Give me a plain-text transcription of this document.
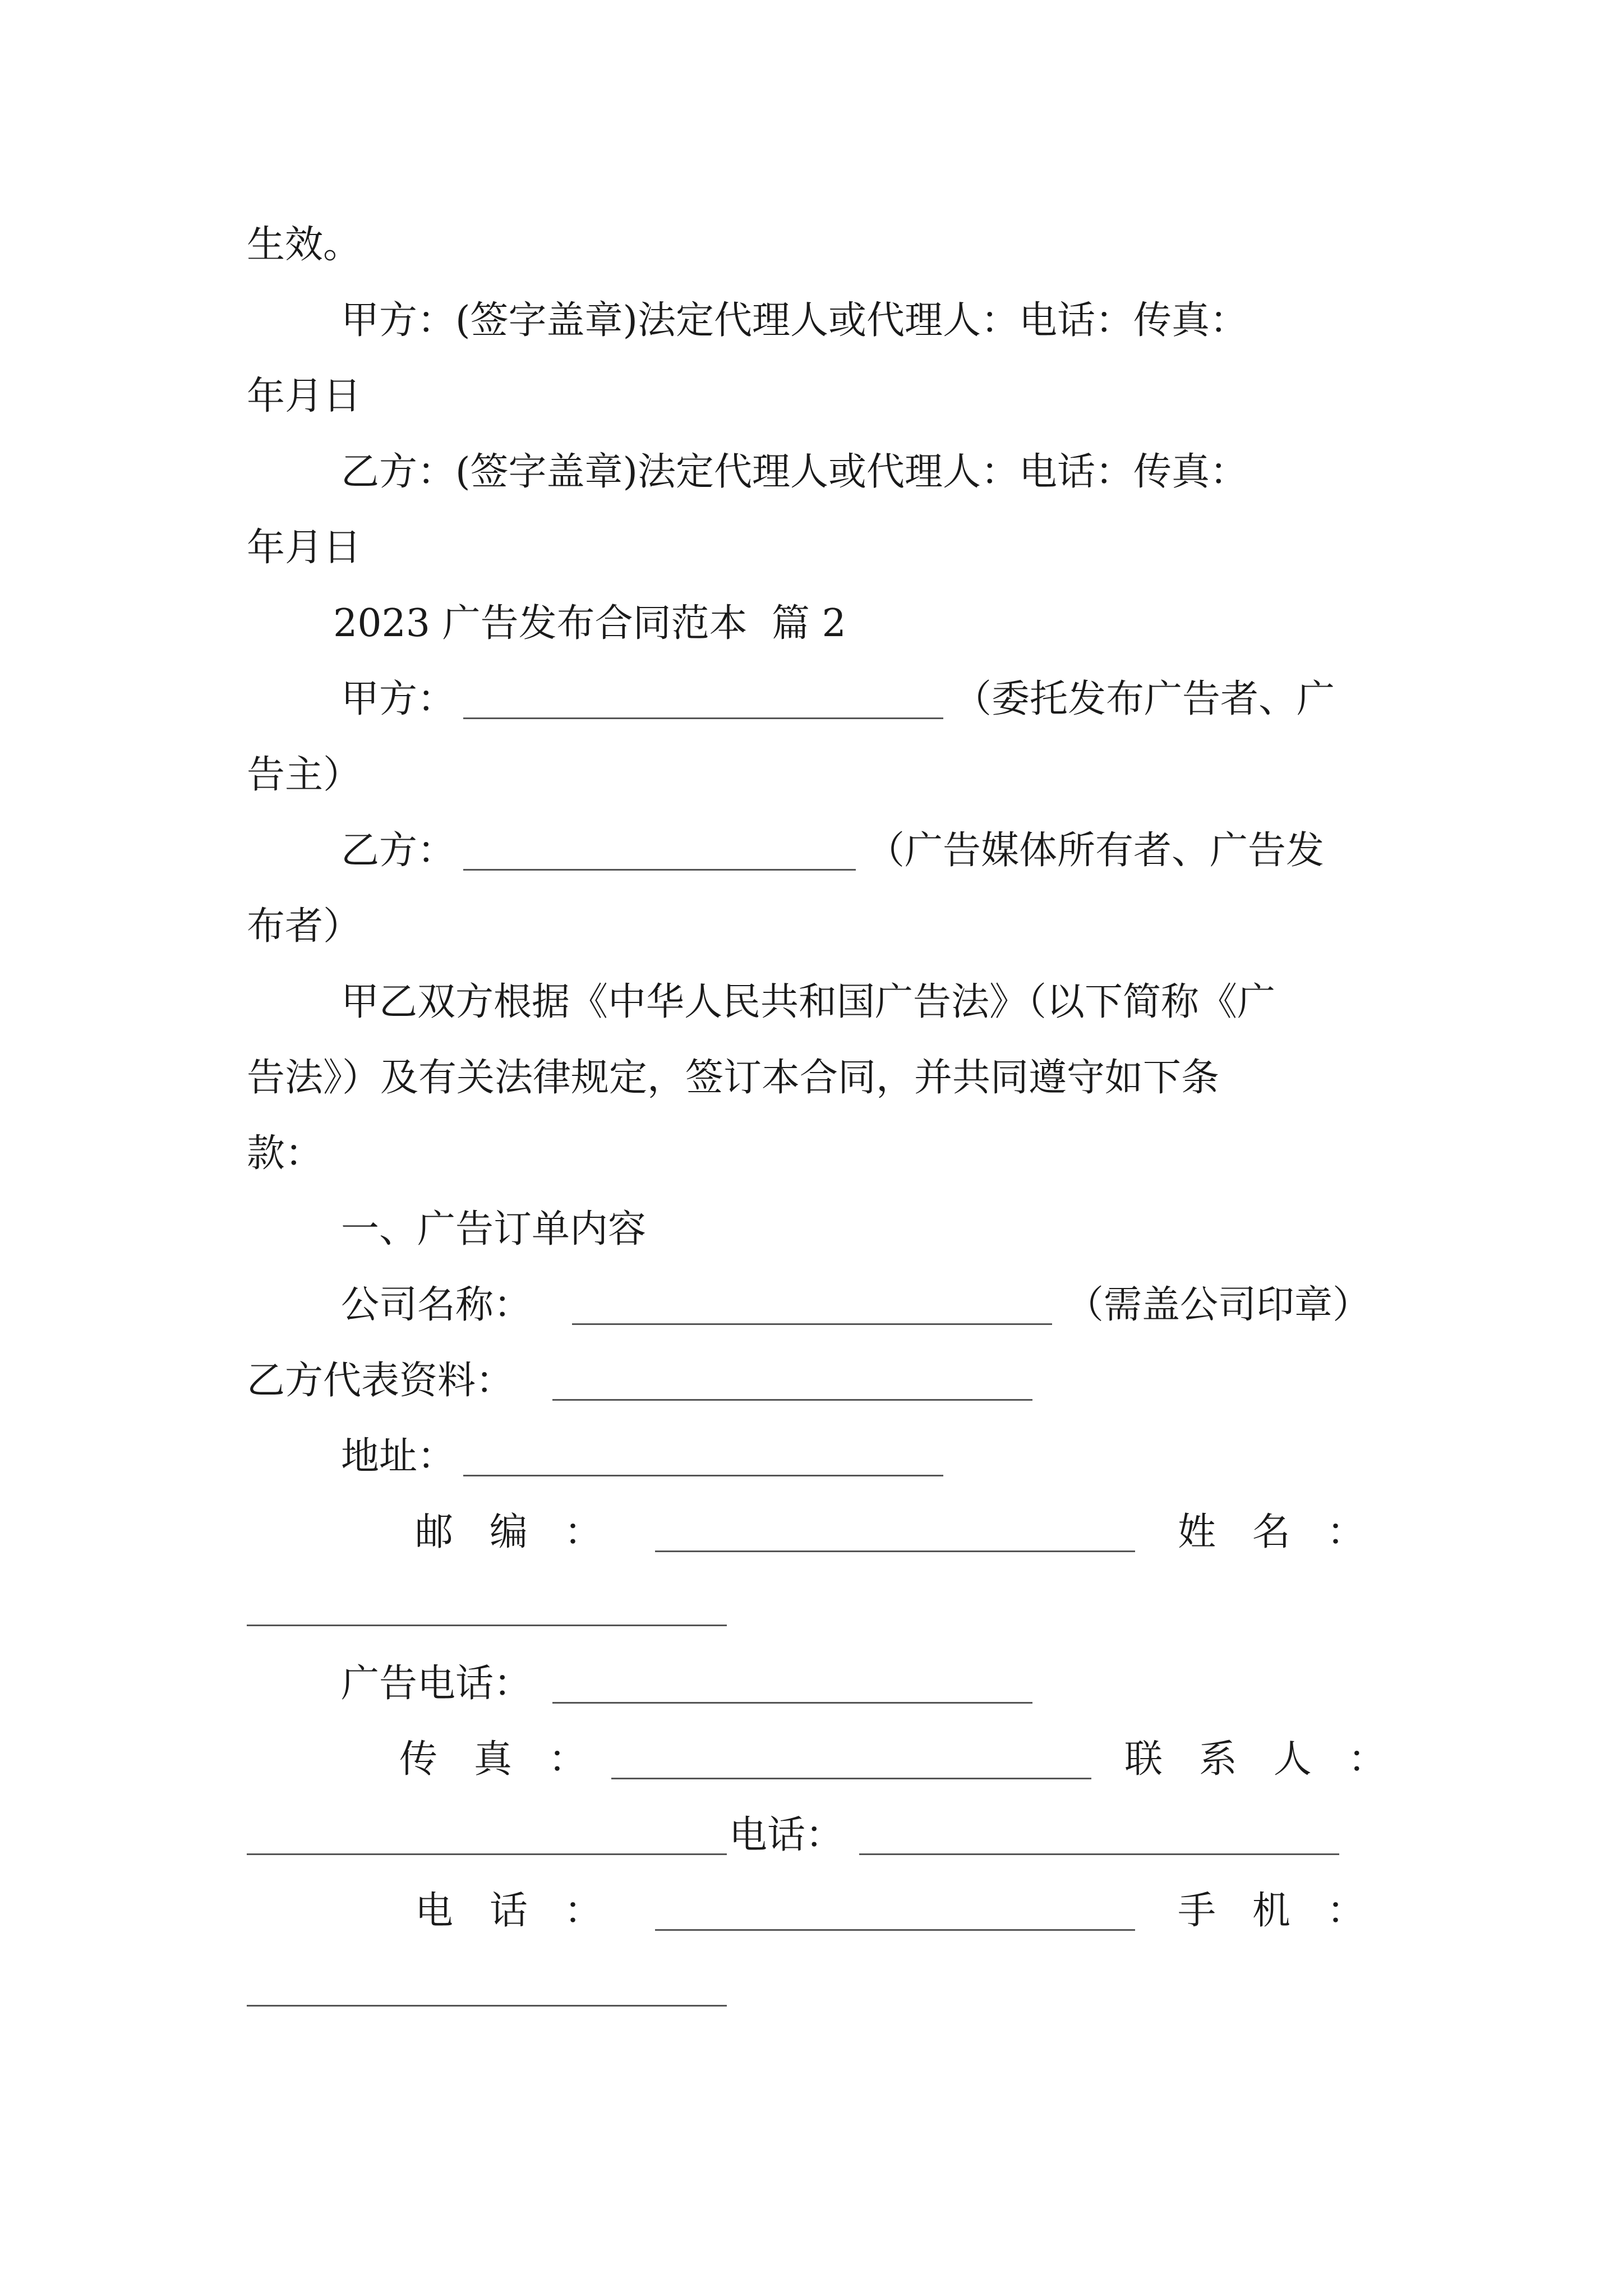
生效。
甲方：(签字盖章)法定代理人或代理人：电话：传真：
年月日
乙方：(签字盖章)法定代理人或代理人：电话：传真：
年月日
2023 广告发布合同范本  篇 2
甲方：	（委托发布广告者、广
告主）
乙方：	（广告媒体所有者、广告发
布者）
甲乙双方根据《中华人民共和国广告法》（以下简称《广
告法》）及有关法律规定，签订本合同，并共同遵守如下条
款：
一、广告订单内容
公司名称：	（需盖公司印章）
乙方代表资料：
地址：
邮   编   ：	姓   名   ：
广告电话：
传   真   ：	联   系   人   ：
电话：
电   话   ：	手   机   ：
